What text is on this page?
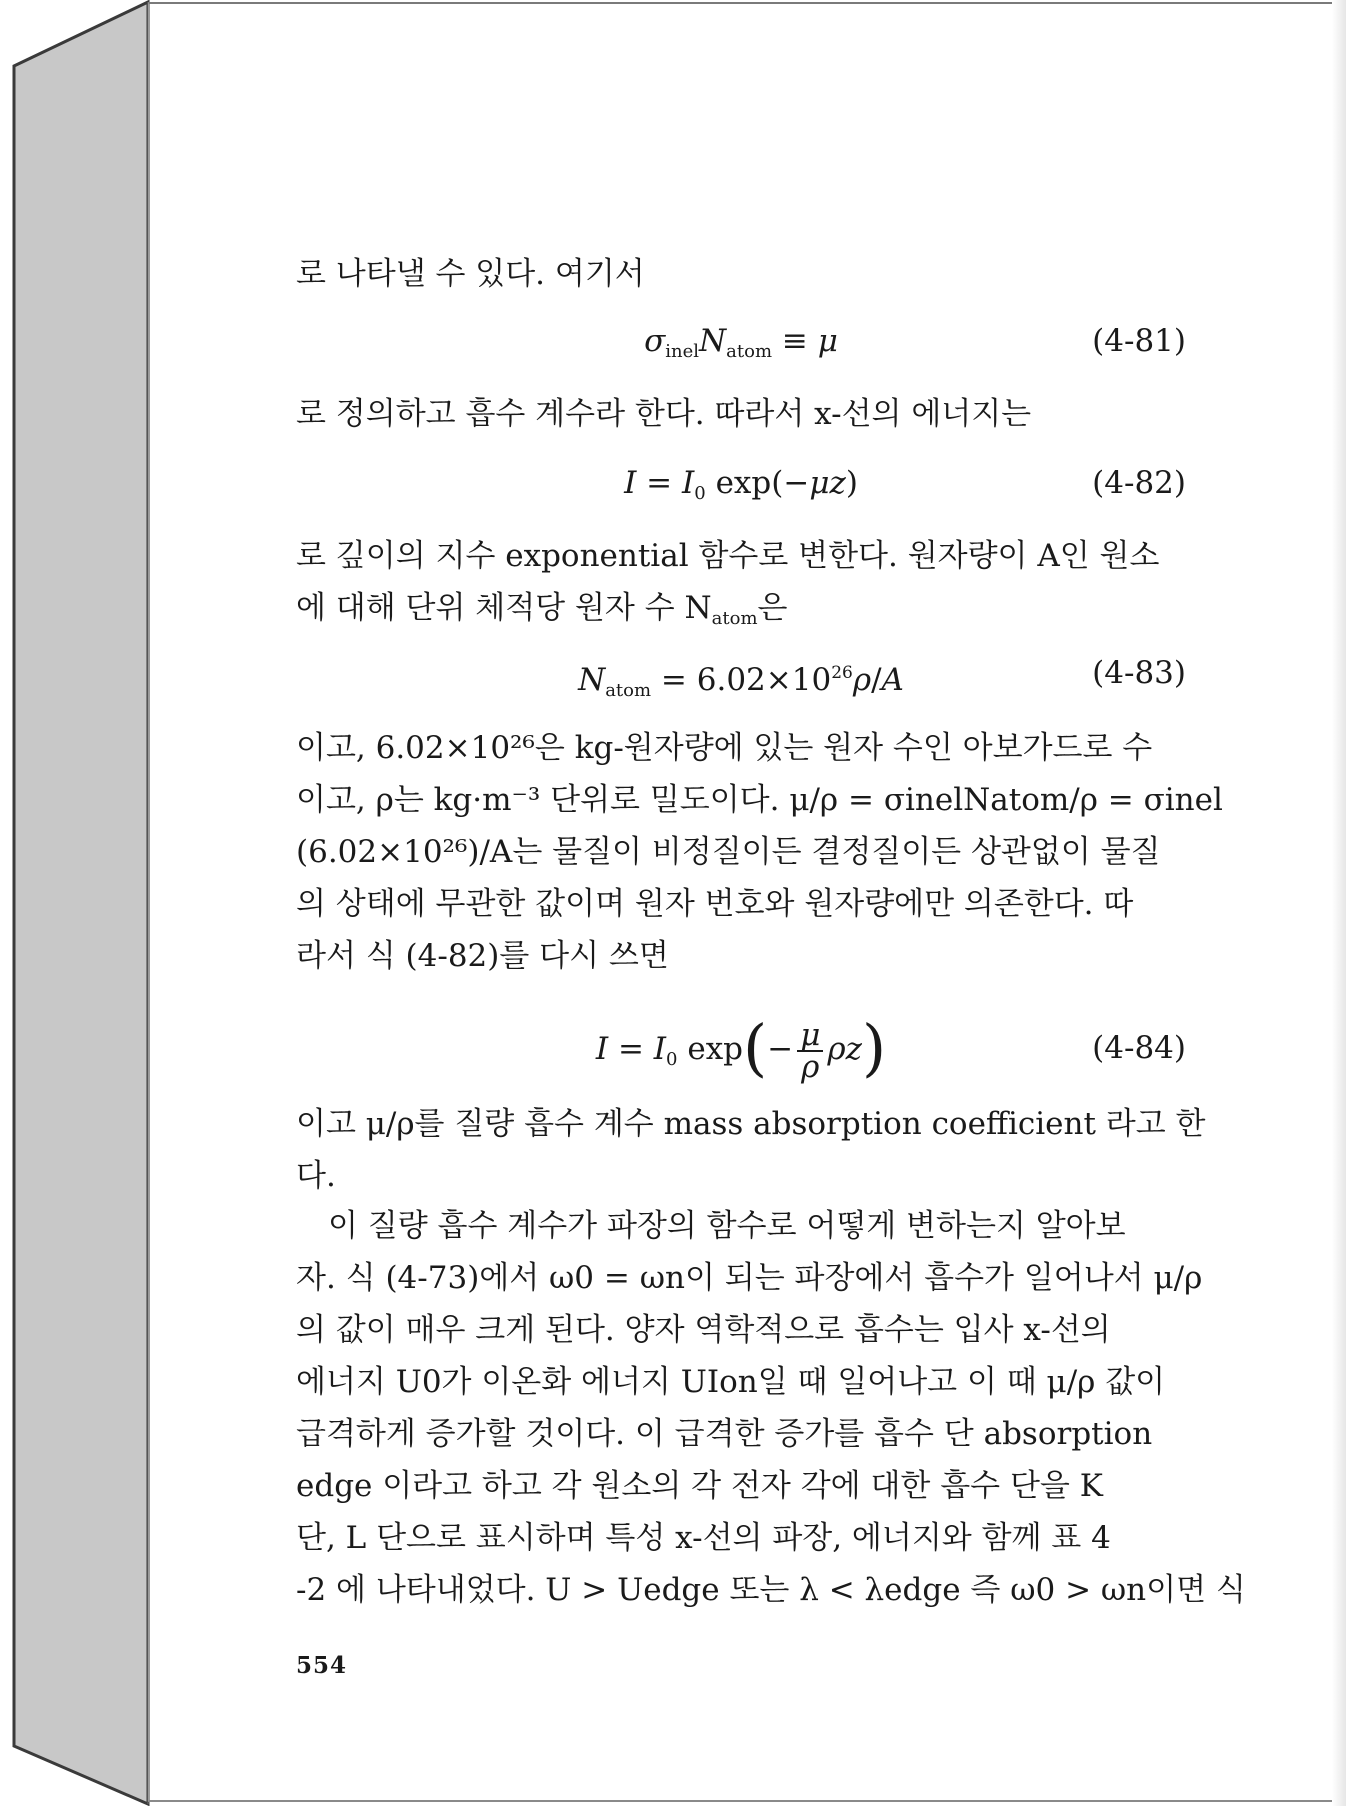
로 나타낼 수 있다. 여기서
$\sigma_{inel}N_{atom} \equiv \mu$	(4-81)
로 정의하고 흡수 계수라 한다. 따라서 x-선의 에너지는
$I = I_0$ exp(−μz)	(4-82)
로 깊이의 지수 exponential 함수로 변한다. 원자량이 A인 원소
에 대해 단위 체적당 원자 수 $N_{atom}$은
$N_{atom} = 6.02\times 10^{26}\rho/A$	(4-83)
이고, 6.02×10²⁶은 kg-원자량에 있는 원자 수인 아보가드로 수
이고, ρ는 kg·m⁻³ 단위로 밀도이다. μ/ρ = σinelNatom/ρ = σinel
(6.02×10²⁶)/A는 물질이 비정질이든 결정질이든 상관없이 물질
의 상태에 무관한 값이며 원자 번호와 원자량에만 의존한다. 따
라서 식 (4-82)를 다시 쓰면
$I = I_0$ $\exp(- \frac{\mu}{\rho} \rho z)$	(4-84)
이고 μ/ρ를 질량 흡수 계수 mass absorption coefficient 라고 한
다.
이 질량 흡수 계수가 파장의 함수로 어떻게 변하는지 알아보
자. 식 (4-73)에서 ω0 = ωn이 되는 파장에서 흡수가 일어나서 μ/ρ
의 값이 매우 크게 된다. 양자 역학적으로 흡수는 입사 x-선의
에너지 U0가 이온화 에너지 UIon일 때 일어나고 이 때 μ/ρ 값이
급격하게 증가할 것이다. 이 급격한 증가를 흡수 단 absorption
edge 이라고 하고 각 원소의 각 전자 각에 대한 흡수 단을 K
단, L 단으로 표시하며 특성 x-선의 파장, 에너지와 함께 표 4
-2 에 나타내었다. U > Uedge 또는 λ < λedge 즉 ω0 > ωn이면 식
554
